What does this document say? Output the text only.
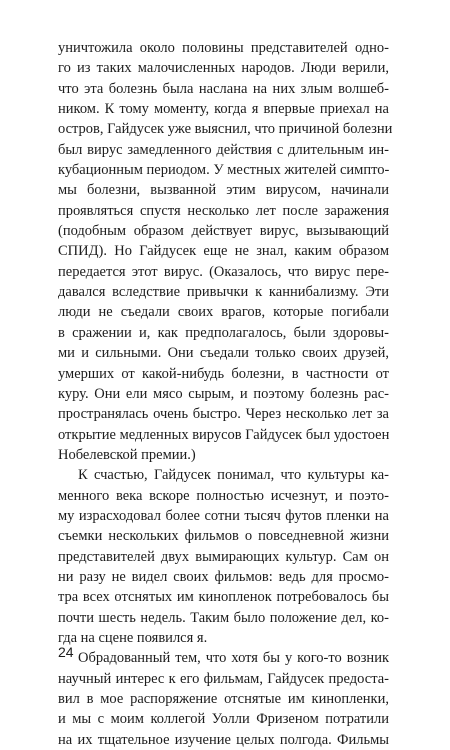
уничтожила около половины представителей одно-
го из таких малочисленных народов. Люди верили,
что эта болезнь была наслана на них злым волшеб-
ником. К тому моменту, когда я впервые приехал на
остров, Гайдусек уже выяснил, что причиной болезни
был вирус замедленного действия с длительным ин-
кубационным периодом. У местных жителей симпто-
мы болезни, вызванной этим вирусом, начинали
проявляться спустя несколько лет после заражения
(подобным образом действует вирус, вызывающий
СПИД). Но Гайдусек еще не знал, каким образом
передается этот вирус. (Оказалось, что вирус пере-
давался вследствие привычки к каннибализму. Эти
люди не съедали своих врагов, которые погибали
в сражении и, как предполагалось, были здоровы-
ми и сильными. Они съедали только своих друзей,
умерших от какой-нибудь болезни, в частности от
куру. Они ели мясо сырым, и поэтому болезнь рас-
пространялась очень быстро. Через несколько лет за
открытие медленных вирусов Гайдусек был удостоен
Нобелевской премии.)
К счастью, Гайдусек понимал, что культуры ка-
менного века вскоре полностью исчезнут, и поэто-
му израсходовал более сотни тысяч футов пленки на
съемки нескольких фильмов о повседневной жизни
представителей двух вымирающих культур. Сам он
ни разу не видел своих фильмов: ведь для просмо-
тра всех отснятых им кинопленок потребовалось бы
почти шесть недель. Таким было положение дел, ко-
гда на сцене появился я.
Обрадованный тем, что хотя бы у кого-то возник
научный интерес к его фильмам, Гайдусек предоста-
вил в мое распоряжение отснятые им кинопленки,
и мы с моим коллегой Уолли Фризеном потратили
на их тщательное изучение целых полгода. Фильмы
24
